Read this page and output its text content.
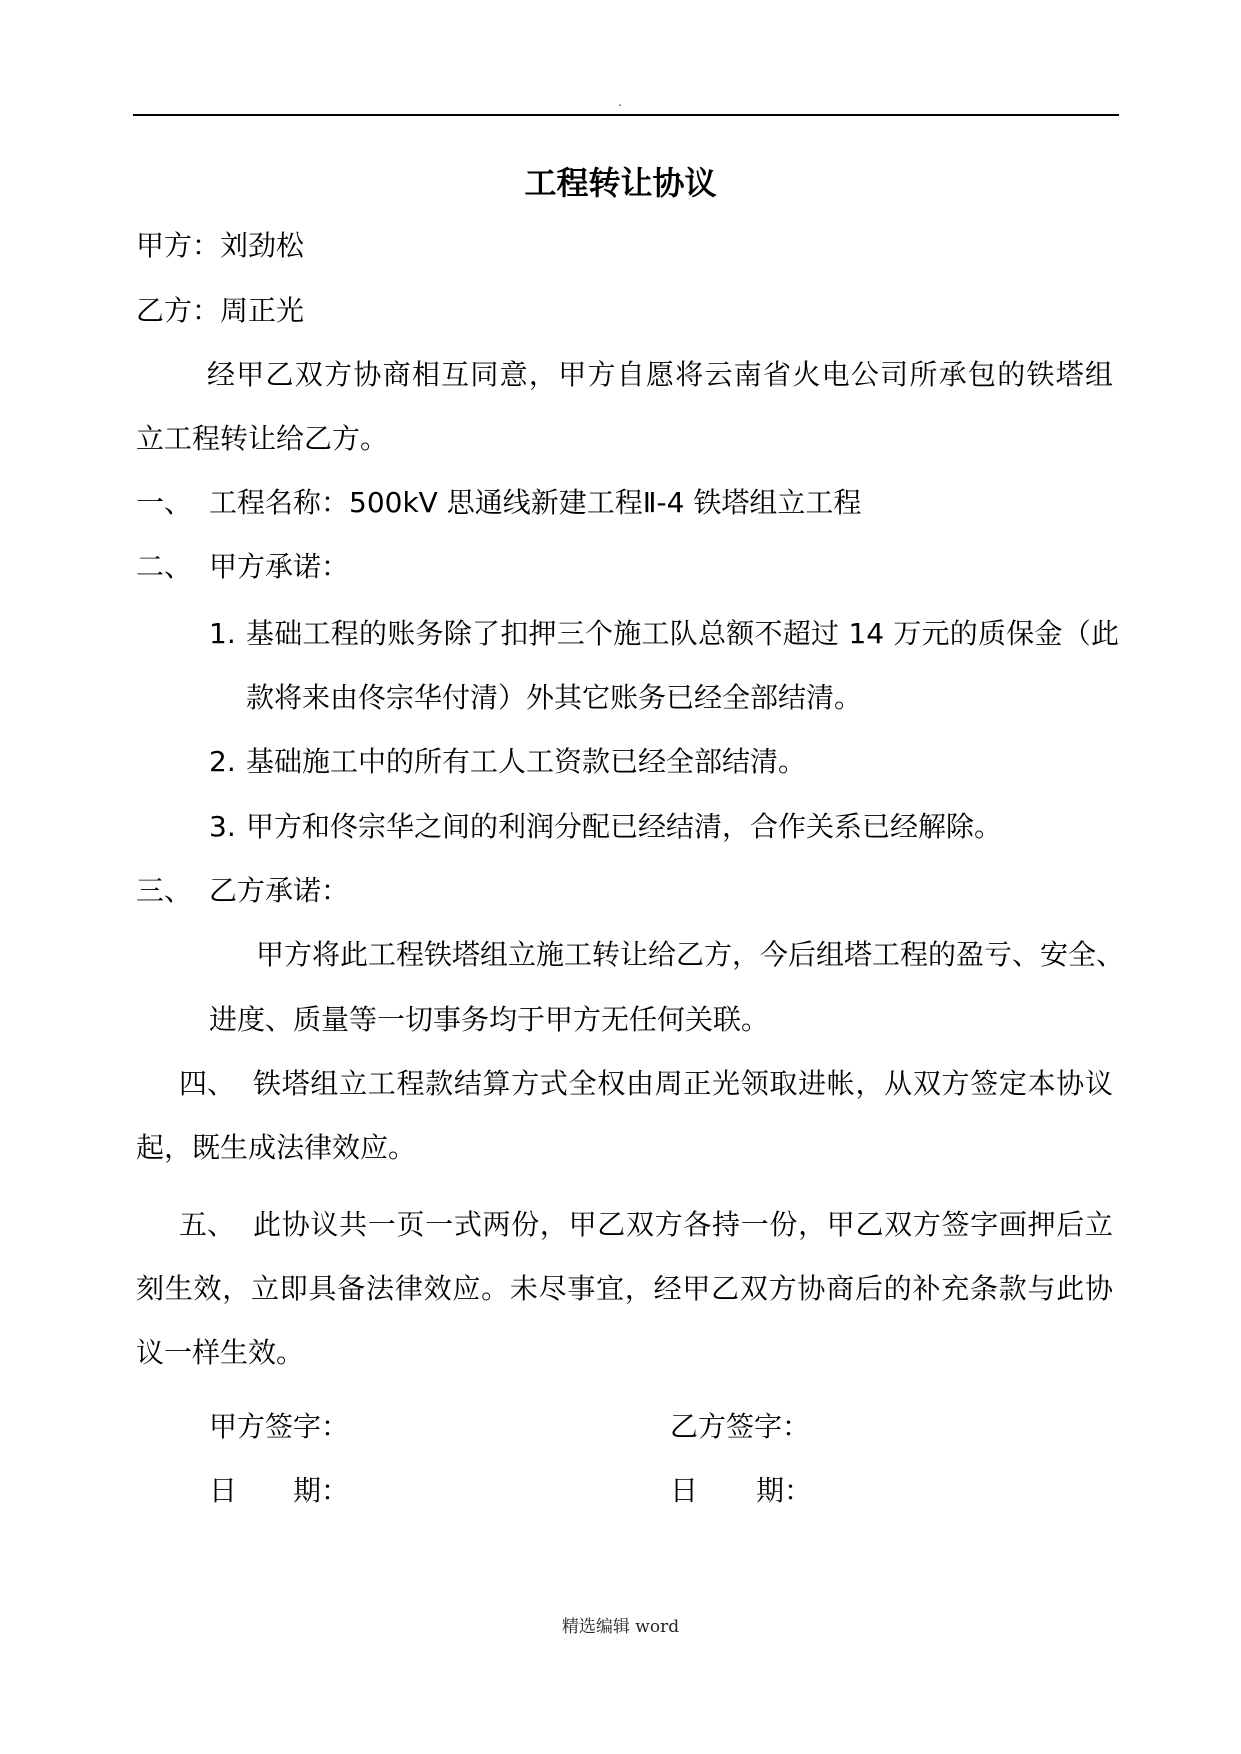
.
工程转让协议
甲方：刘劲松
乙方：周正光
经甲乙双方协商相互同意，甲方自愿将云南省火电公司所承包的铁塔组
立工程转让给乙方。
一、 工程名称：500kV 思通线新建工程Ⅱ-4 铁塔组立工程
二、 甲方承诺：
1. 基础工程的账务除了扣押三个施工队总额不超过 14 万元的质保金（此
款将来由佟宗华付清）外其它账务已经全部结清。
2. 基础施工中的所有工人工资款已经全部结清。
3. 甲方和佟宗华之间的利润分配已经结清，合作关系已经解除。
三、 乙方承诺：
甲方将此工程铁塔组立施工转让给乙方，今后组塔工程的盈亏、安全、
进度、质量等一切事务均于甲方无任何关联。
四、 铁塔组立工程款结算方式全权由周正光领取进帐，从双方签定本协议
起，既生成法律效应。
五、 此协议共一页一式两份，甲乙双方各持一份，甲乙双方签字画押后立
刻生效，立即具备法律效应。未尽事宜，经甲乙双方协商后的补充条款与此协
议一样生效。
甲方签字：	乙方签字：
日 期：	日 期：
精选编辑 word
